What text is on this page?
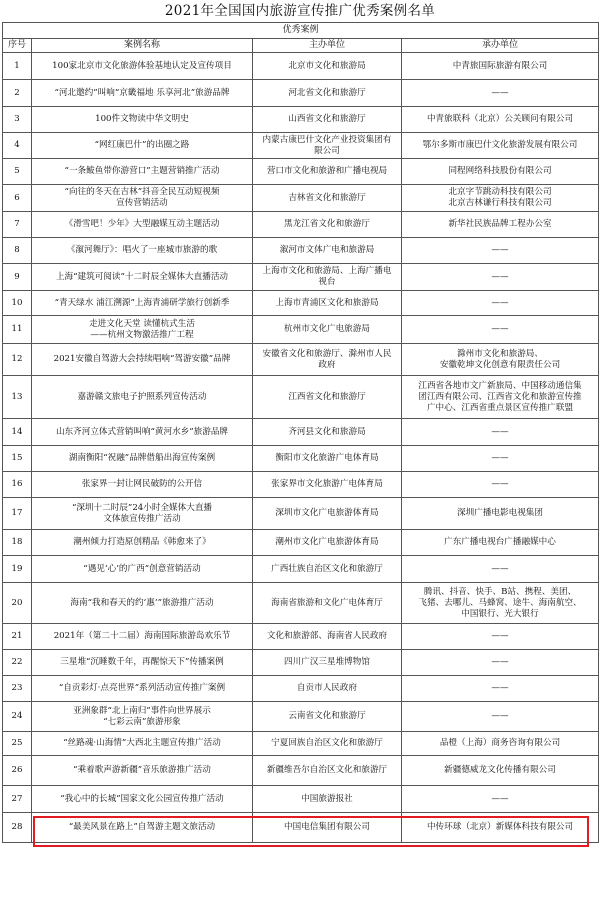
2021年全国国内旅游宣传推广优秀案例名单
优秀案例			
序号	案例名称	主办单位	承办单位
1	100家北京市文化旅游体验基地认定及宣传项目	北京市文化和旅游局	中青旅国际旅游有限公司
2	“河北邀约”叫响“京畿福地 乐享河北”旅游品牌	河北省文化和旅游厅	——
3	100件文物读中华文明史	山西省文化和旅游厅	中青旅联科（北京）公关顾问有限公司
4	“网红康巴什”的出圈之路	内蒙古康巴什文化产业投资集团有
限公司	鄂尔多斯市康巴什文化旅游发展有限公司
5	“一条鲅鱼带你游营口”主题营销推广活动	营口市文化和旅游和广播电视局	同程网络科技股份有限公司
6	“向往的冬天在吉林”抖音全民互动短视频
宣传营销活动	吉林省文化和旅游厅	北京字节跳动科技有限公司
北京吉林谦行科技有限公司
7	《滑雪吧！少年》大型融媒互动主题活动	黑龙江省文化和旅游厅	新华社民族品牌工程办公室
8	《溆河舞厅》：唱火了一座城市旅游的歌	溆河市文体广电和旅游局	——
9	上海“建筑可阅读”十二时辰全媒体大直播活动	上海市文化和旅游局、上海广播电
视台	——
10	“青天绿水 浦江溯源”上海青浦研学旅行创新季	上海市青浦区文化和旅游局	——
11	走进文化天堂 读懂杭式生活
——杭州文物激活推广工程	杭州市文化广电旅游局	——
12	2021安徽自驾游大会持续唱响“驾游安徽”品牌	安徽省文化和旅游厅、滁州市人民
政府	滁州市文化和旅游局、
安徽乾坤文化创意有限责任公司
13	嘉游赣文旅电子护照系列宣传活动	江西省文化和旅游厅	江西省各地市文广新旅局、中国移动通信集
团江西有限公司、江西省文化和旅游宣传推
广中心、江西省重点景区宣传推广联盟
14	山东齐河立体式营销叫响“黄河水乡”旅游品牌	齐河县文化和旅游局	——
15	湖南衡阳“祝融”品牌借船出海宣传案例	衡阳市文化旅游广电体育局	——
16	张家界一封让网民破防的公开信	张家界市文化旅游广电体育局	——
17	“深圳十二时辰”24小时全媒体大直播
文体旅宣传推广活动	深圳市文化广电旅游体育局	深圳广播电影电视集团
18	潮州倾力打造原创精品《韩愈来了》	潮州市文化广电旅游体育局	广东广播电视台广播融媒中心
19	“遇见‘心’的广西”创意营销活动	广西壮族自治区文化和旅游厅	——
20	海南“我和春天的约‘惠’”旅游推广活动	海南省旅游和文化广电体育厅	腾讯、抖音、快手、B站、携程、美团、
飞猪、去哪儿、马蜂窝、途牛、海南航空、
中国银行、光大银行
21	2021年（第二十二届）海南国际旅游岛欢乐节	文化和旅游部、海南省人民政府	——
22	三星堆“沉睡数千年，再醒惊天下”传播案例	四川广汉三星堆博物馆	——
23	“自贡彩灯·点亮世界”系列活动宣传推广案例	自贡市人民政府	——
24	亚洲象群“北上南归”事件向世界展示
“七彩云南”旅游形象	云南省文化和旅游厅	——
25	“丝路魂·山海情”大西北主题宣传推广活动	宁夏回族自治区文化和旅游厅	品橙（上海）商务咨询有限公司
26	“乘着歌声游新疆”音乐旅游推广活动	新疆维吾尔自治区文化和旅游厅	新疆德威龙文化传播有限公司
27	“我心中的长城”国家文化公园宣传推广活动	中国旅游报社	——
28	“最美风景在路上”自驾游主题文旅活动	中国电信集团有限公司	中传环球（北京）新媒体科技有限公司
